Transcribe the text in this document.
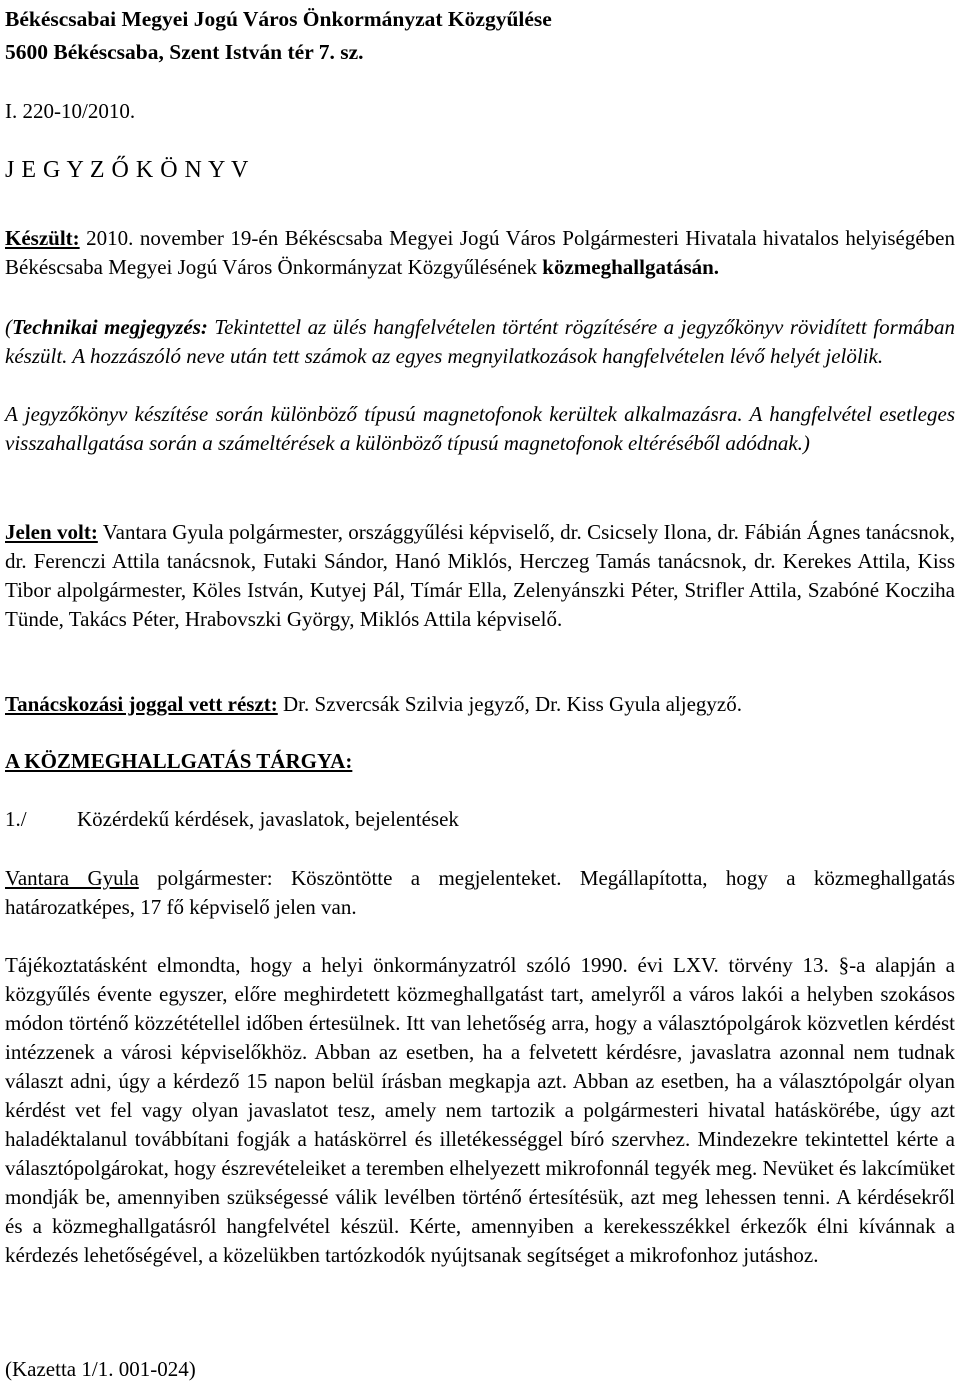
Békéscsabai Megyei Jogú Város Önkormányzat Közgyűlése
5600 Békéscsaba, Szent István tér 7. sz.
I. 220-10/2010.
J E G Y Z Ő K Ö N Y V

Készült: 2010. november 19-én Békéscsaba Megyei Jogú Város Polgármesteri Hivatala hivatalos helyiségében Békéscsaba Megyei Jogú Város Önkormányzat Közgyűlésének közmeghallgatásán.

(Technikai megjegyzés: Tekintettel az ülés hangfelvételen történt rögzítésére a jegyzőkönyv rövidített formában készült. A hozzászóló neve után tett számok az egyes megnyilatkozások hangfelvételen lévő helyét jelölik.

A jegyzőkönyv készítése során különböző típusú magnetofonok kerültek alkalmazásra. A hangfelvétel esetleges visszahallgatása során a számeltérések a különböző típusú magnetofonok eltéréséből adódnak.)

Jelen volt: Vantara Gyula polgármester, országgyűlési képviselő, dr. Csicsely Ilona, dr. Fábián Ágnes tanácsnok, dr. Ferenczi Attila tanácsnok, Futaki Sándor, Hanó Miklós, Herczeg Tamás tanácsnok, dr. Kerekes Attila, Kiss Tibor alpolgármester, Köles István, Kutyej Pál, Tímár Ella, Zelenyánszki Péter, Strifler Attila, Szabóné Kocziha Tünde, Takács Péter, Hrabovszki György, Miklós Attila képviselő.

Tanácskozási joggal vett részt: Dr. Szvercsák Szilvia jegyző, Dr. Kiss Gyula aljegyző.

A KÖZMEGHALLGATÁS TÁRGYA:

1./ Közérdekű kérdések, javaslatok, bejelentések

Vantara Gyula polgármester: Köszöntötte a megjelenteket. Megállapította, hogy a közmeghallgatás határozatképes, 17 fő képviselő jelen van.

Tájékoztatásként elmondta, hogy a helyi önkormányzatról szóló 1990. évi LXV. törvény 13. §-a alapján a közgyűlés évente egyszer, előre meghirdetett közmeghallgatást tart, amelyről a város lakói a helyben szokásos módon történő közzététellel időben értesülnek. Itt van lehetőség arra, hogy a választópolgárok közvetlen kérdést intézzenek a városi képviselőkhöz. Abban az esetben, ha a felvetett kérdésre, javaslatra azonnal nem tudnak választ adni, úgy a kérdező 15 napon belül írásban megkapja azt. Abban az esetben, ha a választópolgár olyan kérdést vet fel vagy olyan javaslatot tesz, amely nem tartozik a polgármesteri hivatal hatáskörébe, úgy azt haladéktalanul továbbítani fogják a hatáskörrel és illetékességgel bíró szervhez. Mindezekre tekintettel kérte a választópolgárokat, hogy észrevételeiket a teremben elhelyezett mikrofonnál tegyék meg. Nevüket és lakcímüket mondják be, amennyiben szükségessé válik levélben történő értesítésük, azt meg lehessen tenni. A kérdésekről és a közmeghallgatásról hangfelvétel készül. Kérte, amennyiben a kerekesszékkel érkezők élni kívánnak a kérdezés lehetőségével, a közelükben tartózkodók nyújtsanak segítséget a mikrofonhoz jutáshoz.

(Kazetta 1/1. 001-024)
